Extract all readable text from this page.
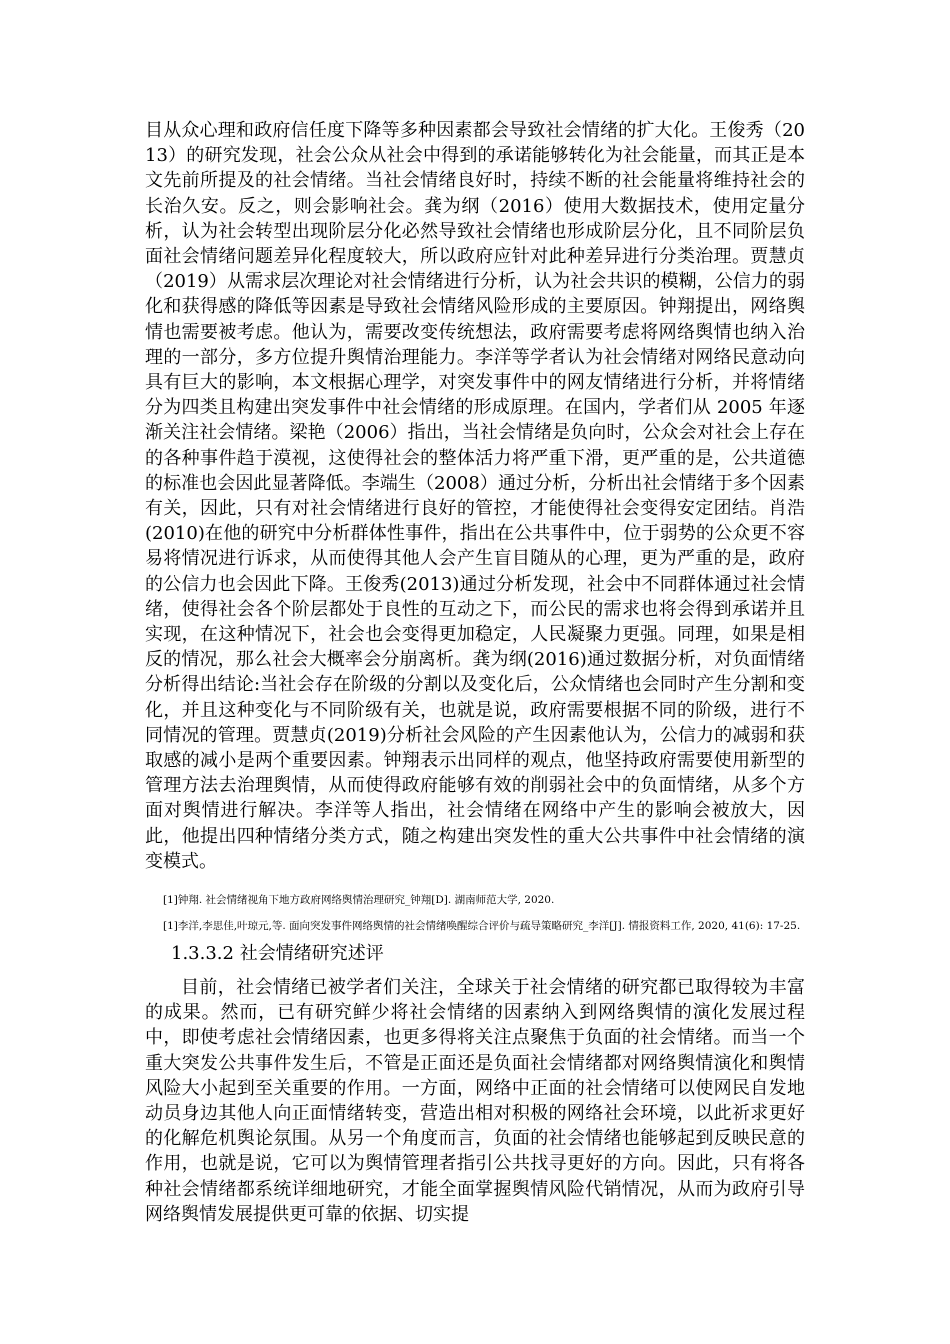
目从众心理和政府信任度下降等多种因素都会导致社会情绪的扩大化。王俊秀（2013）的研究发现，社会公众从社会中得到的承诺能够转化为社会能量，而其正是本文先前所提及的社会情绪。当社会情绪良好时，持续不断的社会能量将维持社会的长治久安。反之，则会影响社会。龚为纲（2016）使用大数据技术，使用定量分析，认为社会转型出现阶层分化必然导致社会情绪也形成阶层分化，且不同阶层负面社会情绪问题差异化程度较大，所以政府应针对此种差异进行分类治理。贾慧贞（2019）从需求层次理论对社会情绪进行分析，认为社会共识的模糊，公信力的弱化和获得感的降低等因素是导致社会情绪风险形成的主要原因。钟翔提出，网络舆情也需要被考虑。他认为，需要改变传统想法，政府需要考虑将网络舆情也纳入治理的一部分，多方位提升舆情治理能力。李洋等学者认为社会情绪对网络民意动向具有巨大的影响，本文根据心理学，对突发事件中的网友情绪进行分析，并将情绪分为四类且构建出突发事件中社会情绪的形成原理。在国内，学者们从 2005 年逐渐关注社会情绪。梁艳（2006）指出，当社会情绪是负向时，公众会对社会上存在的各种事件趋于漠视，这使得社会的整体活力将严重下滑，更严重的是，公共道德的标准也会因此显著降低。李端生（2008）通过分析，分析出社会情绪于多个因素有关，因此，只有对社会情绪进行良好的管控，才能使得社会变得安定团结。肖浩(2010)在他的研究中分析群体性事件，指出在公共事件中，位于弱势的公众更不容易将情况进行诉求，从而使得其他人会产生盲目随从的心理，更为严重的是，政府的公信力也会因此下降。王俊秀(2013)通过分析发现，社会中不同群体通过社会情绪，使得社会各个阶层都处于良性的互动之下，而公民的需求也将会得到承诺并且实现，在这种情况下，社会也会变得更加稳定，人民凝聚力更强。同理，如果是相反的情况，那么社会大概率会分崩离析。龚为纲(2016)通过数据分析，对负面情绪分析得出结论:当社会存在阶级的分割以及变化后，公众情绪也会同时产生分割和变化，并且这种变化与不同阶级有关，也就是说，政府需要根据不同的阶级，进行不同情况的管理。贾慧贞(2019)分析社会风险的产生因素他认为，公信力的减弱和获取感的减小是两个重要因素。钟翔表示出同样的观点，他坚持政府需要使用新型的管理方法去治理舆情，从而使得政府能够有效的削弱社会中的负面情绪，从多个方面对舆情进行解决。李洋等人指出，社会情绪在网络中产生的影响会被放大，因此，他提出四种情绪分类方式，随之构建出突发性的重大公共事件中社会情绪的演变模式。

[1]钟翔. 社会情绪视角下地方政府网络舆情治理研究_钟翔[D]. 湖南师范大学, 2020.

[1]李洋,李思佳,叶琼元,等. 面向突发事件网络舆情的社会情绪唤醒综合评价与疏导策略研究_李洋[J]. 情报资料工作, 2020, 41(6): 17-25.

1.3.3.2 社会情绪研究述评

目前，社会情绪已被学者们关注，全球关于社会情绪的研究都已取得较为丰富的成果。然而，已有研究鲜少将社会情绪的因素纳入到网络舆情的演化发展过程中，即使考虑社会情绪因素，也更多得将关注点聚焦于负面的社会情绪。而当一个重大突发公共事件发生后，不管是正面还是负面社会情绪都对网络舆情演化和舆情风险大小起到至关重要的作用。一方面，网络中正面的社会情绪可以使网民自发地动员身边其他人向正面情绪转变，营造出相对积极的网络社会环境，以此祈求更好的化解危机舆论氛围。从另一个角度而言，负面的社会情绪也能够起到反映民意的作用，也就是说，它可以为舆情管理者指引公共找寻更好的方向。因此，只有将各种社会情绪都系统详细地研究，才能全面掌握舆情风险代销情况，从而为政府引导网络舆情发展提供更可靠的依据、切实提
